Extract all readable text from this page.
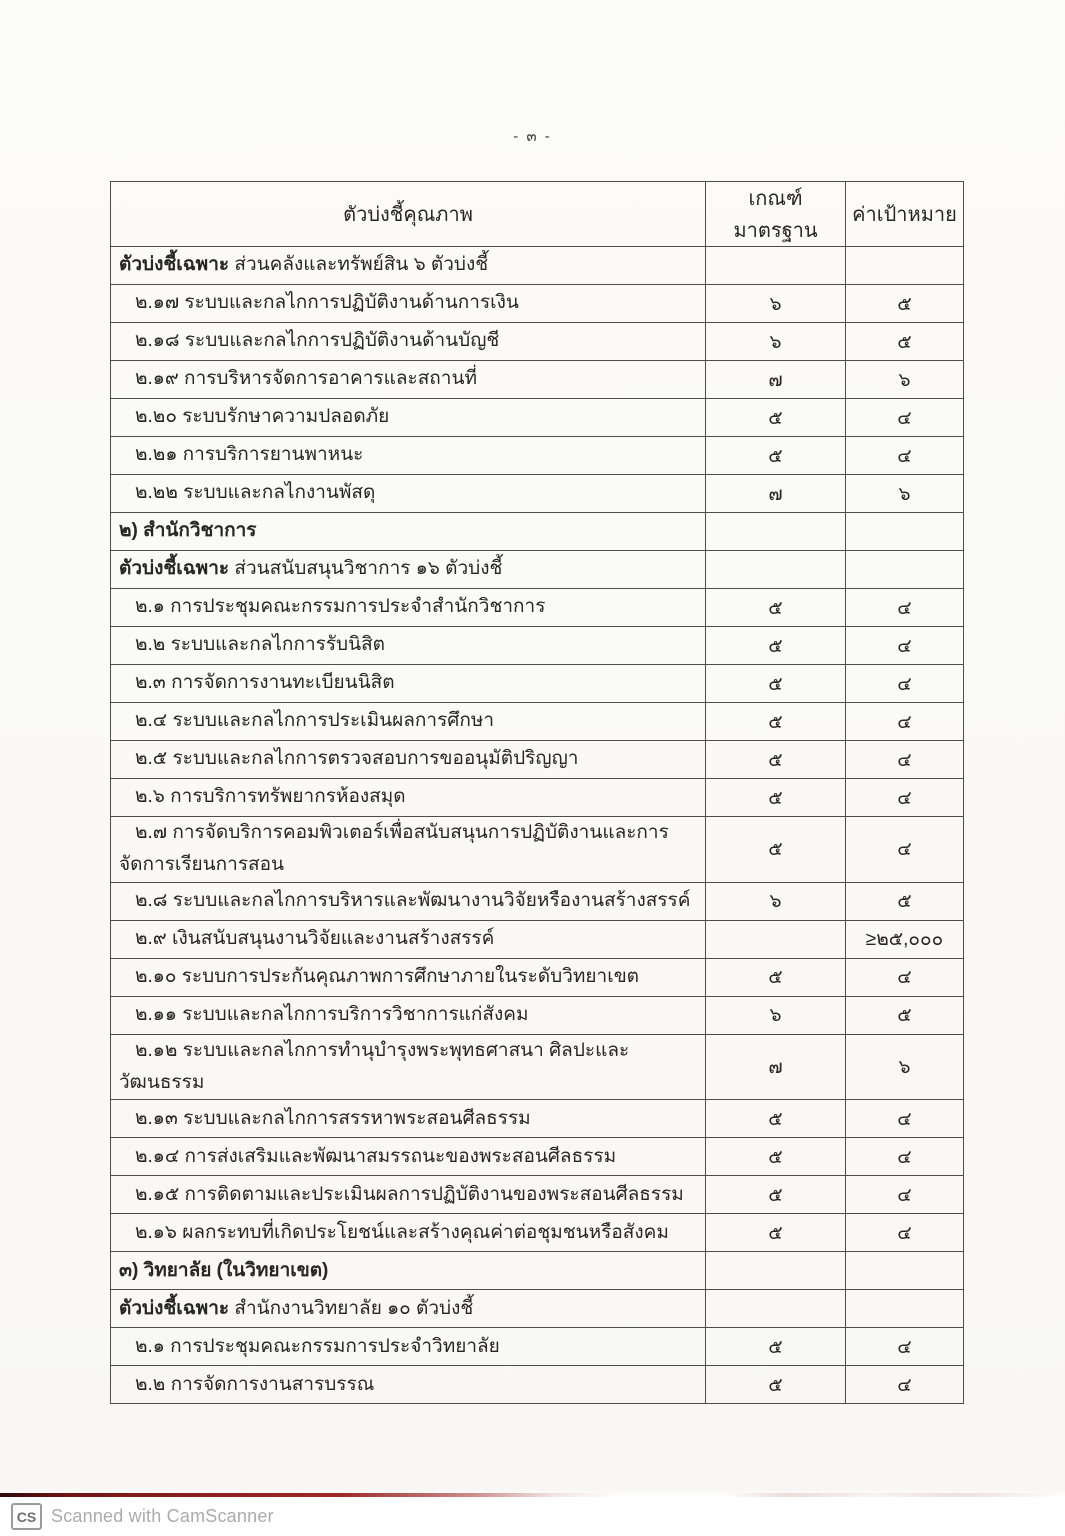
- ๓ -
ตัวบ่งชี้คุณภาพ	เกณฑ์มาตรฐาน	ค่าเป้าหมาย
ตัวบ่งชี้เฉพาะ ส่วนคลังและทรัพย์สิน ๖ ตัวบ่งชี้		
๒.๑๗ ระบบและกลไกการปฏิบัติงานด้านการเงิน	๖	๕
๒.๑๘ ระบบและกลไกการปฏิบัติงานด้านบัญชี	๖	๕
๒.๑๙ การบริหารจัดการอาคารและสถานที่	๗	๖
๒.๒๐ ระบบรักษาความปลอดภัย	๕	๔
๒.๒๑ การบริการยานพาหนะ	๕	๔
๒.๒๒ ระบบและกลไกงานพัสดุ	๗	๖
๒) สำนักวิชาการ		
ตัวบ่งชี้เฉพาะ ส่วนสนับสนุนวิชาการ ๑๖ ตัวบ่งชี้		
๒.๑ การประชุมคณะกรรมการประจำสำนักวิชาการ	๕	๔
๒.๒ ระบบและกลไกการรับนิสิต	๕	๔
๒.๓ การจัดการงานทะเบียนนิสิต	๕	๔
๒.๔ ระบบและกลไกการประเมินผลการศึกษา	๕	๔
๒.๕ ระบบและกลไกการตรวจสอบการขออนุมัติปริญญา	๕	๔
๒.๖ การบริการทรัพยากรห้องสมุด	๕	๔
๒.๗ การจัดบริการคอมพิวเตอร์เพื่อสนับสนุนการปฏิบัติงานและการจัดการเรียนการสอน	๕	๔
๒.๘ ระบบและกลไกการบริหารและพัฒนางานวิจัยหรืองานสร้างสรรค์	๖	๕
๒.๙ เงินสนับสนุนงานวิจัยและงานสร้างสรรค์		≥๒๕,๐๐๐
๒.๑๐ ระบบการประกันคุณภาพการศึกษาภายในระดับวิทยาเขต	๕	๔
๒.๑๑ ระบบและกลไกการบริการวิชาการแก่สังคม	๖	๕
๒.๑๒ ระบบและกลไกการทำนุบำรุงพระพุทธศาสนา ศิลปะและวัฒนธรรม	๗	๖
๒.๑๓ ระบบและกลไกการสรรหาพระสอนศีลธรรม	๕	๔
๒.๑๔ การส่งเสริมและพัฒนาสมรรถนะของพระสอนศีลธรรม	๕	๔
๒.๑๕ การติดตามและประเมินผลการปฏิบัติงานของพระสอนศีลธรรม	๕	๔
๒.๑๖ ผลกระทบที่เกิดประโยชน์และสร้างคุณค่าต่อชุมชนหรือสังคม	๕	๔
๓) วิทยาลัย (ในวิทยาเขต)		
ตัวบ่งชี้เฉพาะ สำนักงานวิทยาลัย ๑๐ ตัวบ่งชี้		
๒.๑ การประชุมคณะกรรมการประจำวิทยาลัย	๕	๔
๒.๒ การจัดการงานสารบรรณ	๕	๔
CS Scanned with CamScanner
